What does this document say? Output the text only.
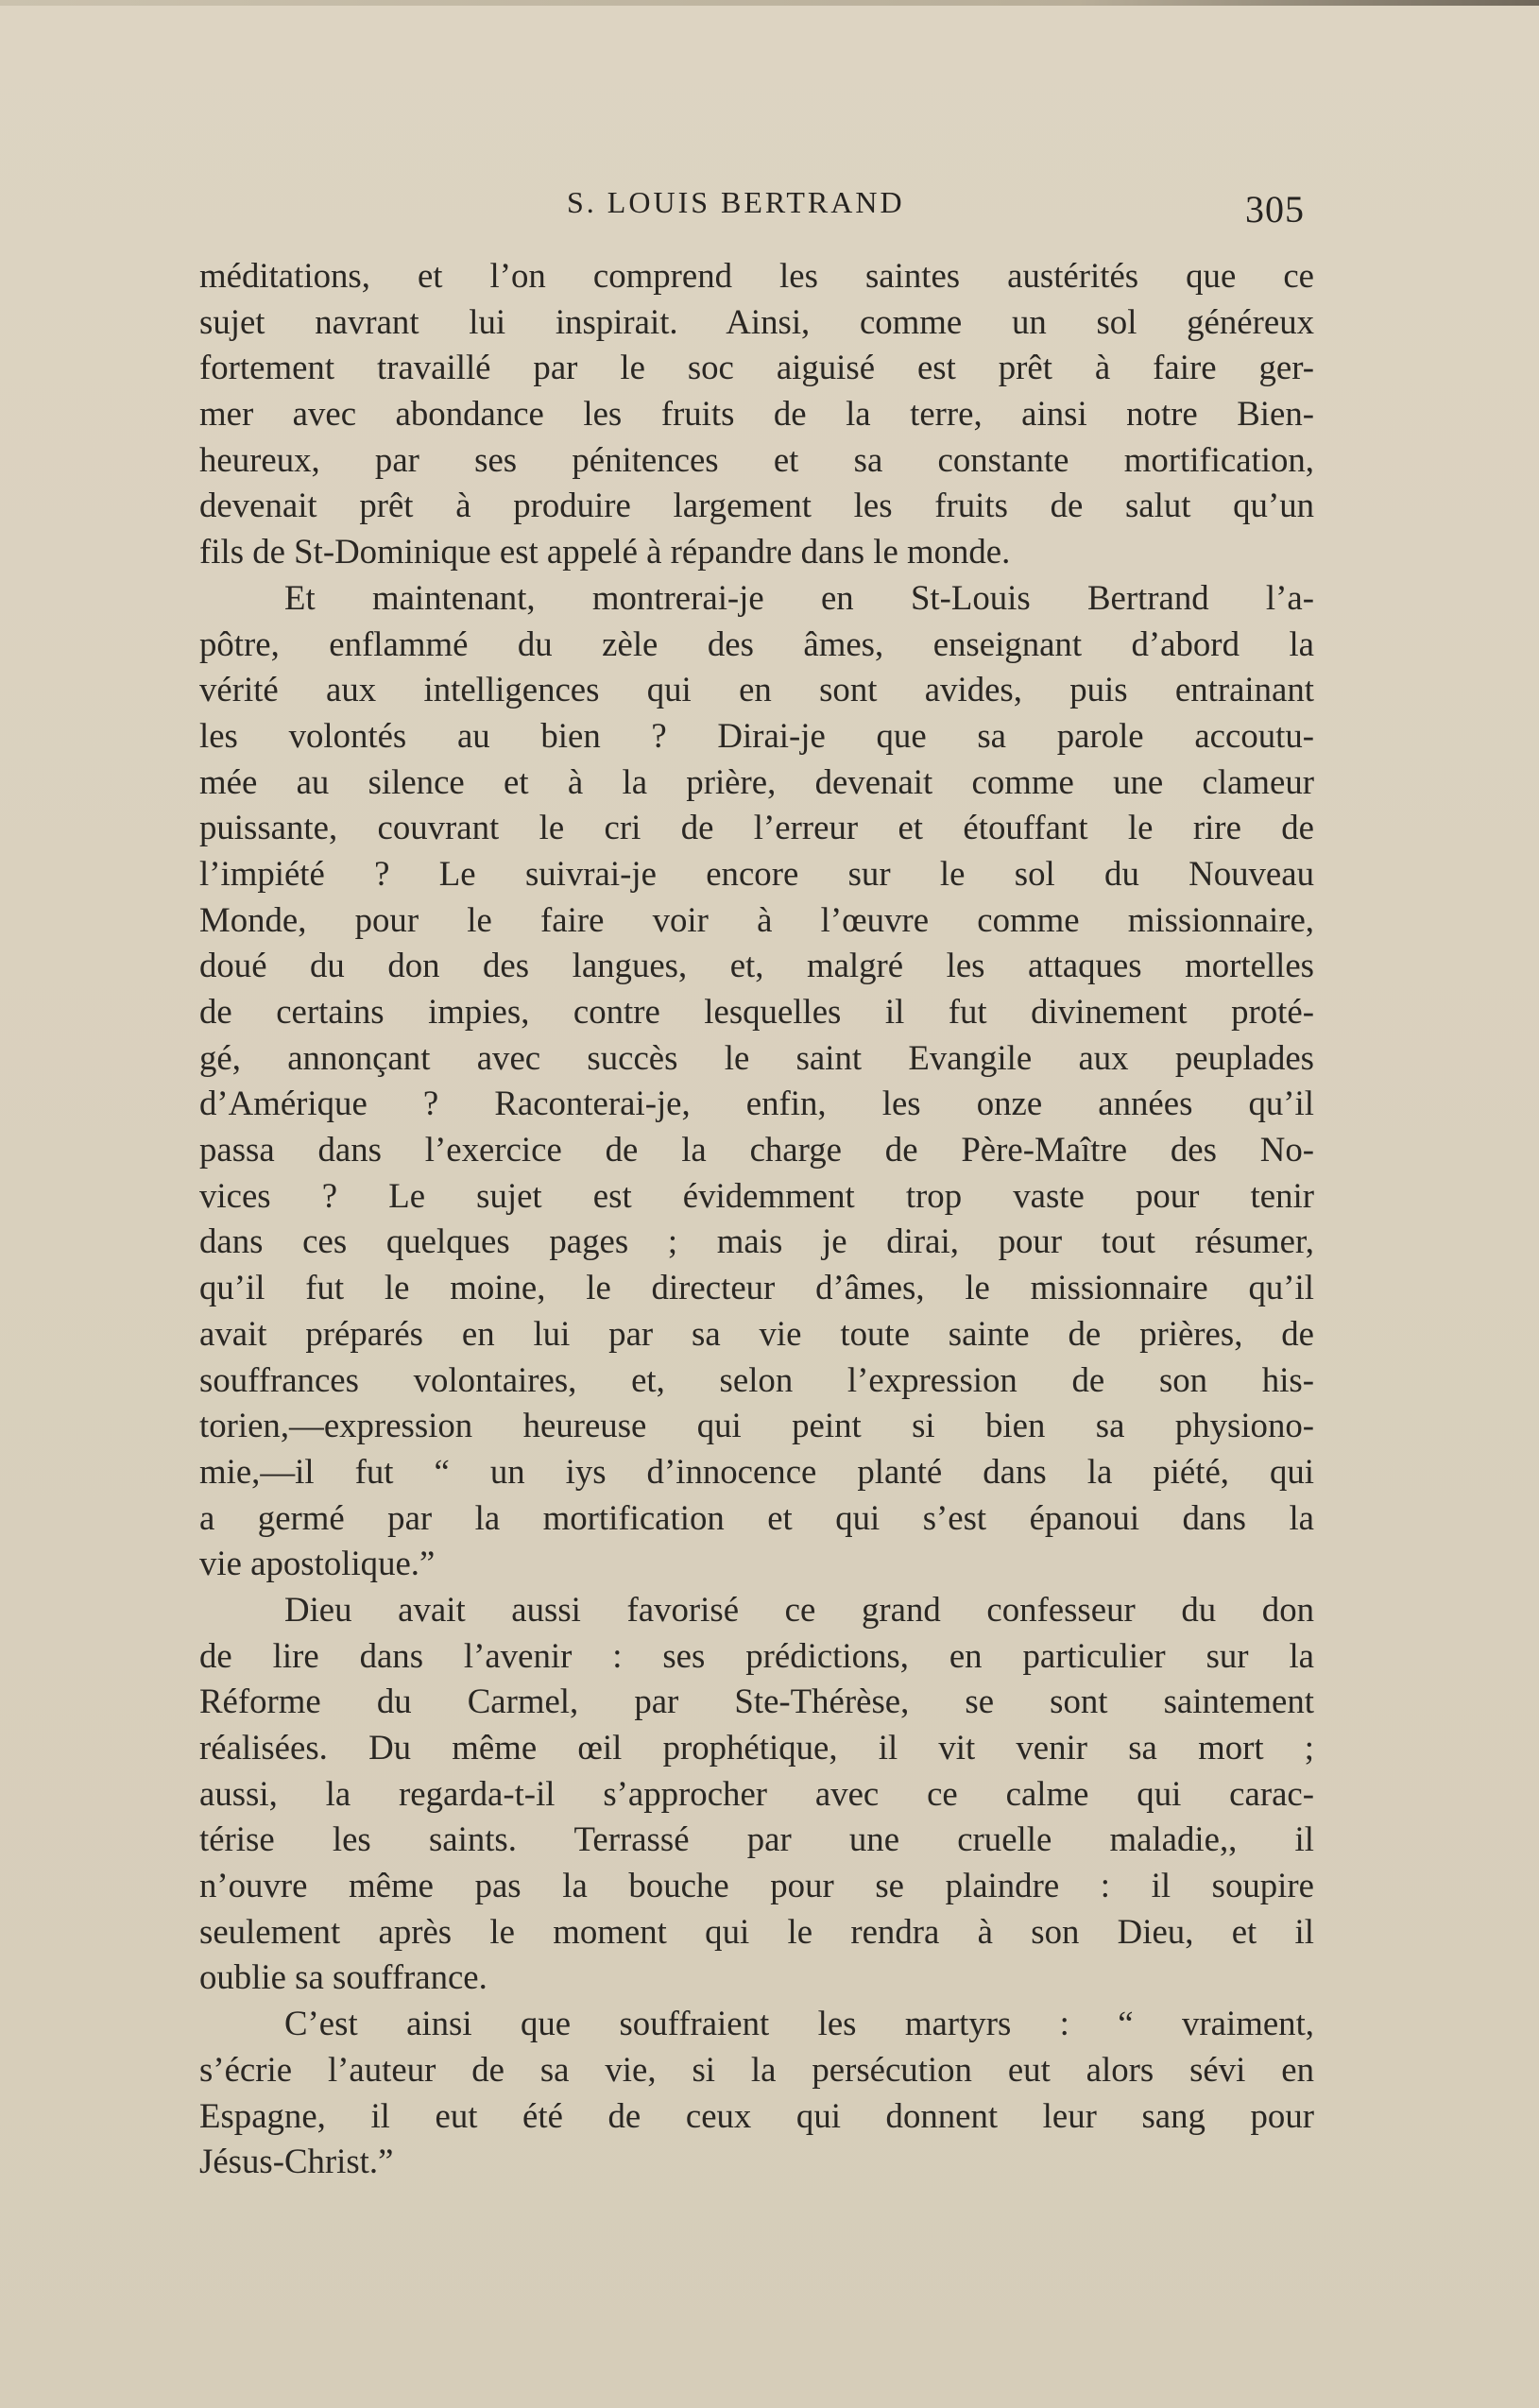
S. LOUIS BERTRAND	305
méditations, et l’on comprend les saintes austérités que ce
sujet navrant lui inspirait. Ainsi, comme un sol généreux
fortement travaillé par le soc aiguisé est prêt à faire ger-
mer avec abondance les fruits de la terre, ainsi notre Bien-
heureux, par ses pénitences et sa constante mortification,
devenait prêt à produire largement les fruits de salut qu’un
fils de St-Dominique est appelé à répandre dans le monde.
Et maintenant, montrerai-je en St-Louis Bertrand l’a-
pôtre, enflammé du zèle des âmes, enseignant d’abord la
vérité aux intelligences qui en sont avides, puis entrainant
les volontés au bien ? Dirai-je que sa parole accoutu-
mée au silence et à la prière, devenait comme une clameur
puissante, couvrant le cri de l’erreur et étouffant le rire de
l’impiété ? Le suivrai-je encore sur le sol du Nouveau
Monde, pour le faire voir à l’œuvre comme missionnaire,
doué du don des langues, et, malgré les attaques mortelles
de certains impies, contre lesquelles il fut divinement proté-
gé, annonçant avec succès le saint Evangile aux peuplades
d’Amérique ? Raconterai-je, enfin, les onze années qu’il
passa dans l’exercice de la charge de Père-Maître des No-
vices ? Le sujet est évidemment trop vaste pour tenir
dans ces quelques pages ; mais je dirai, pour tout résumer,
qu’il fut le moine, le directeur d’âmes, le missionnaire qu’il
avait préparés en lui par sa vie toute sainte de prières, de
souffrances volontaires, et, selon l’expression de son his-
torien,—expression heureuse qui peint si bien sa physiono-
mie,—il fut “ un iys d’innocence planté dans la piété, qui
a germé par la mortification et qui s’est épanoui dans la
vie apostolique.”
Dieu avait aussi favorisé ce grand confesseur du don
de lire dans l’avenir : ses prédictions, en particulier sur la
Réforme du Carmel, par Ste-Thérèse, se sont saintement
réalisées. Du même œil prophétique, il vit venir sa mort ;
aussi, la regarda-t-il s’approcher avec ce calme qui carac-
térise les saints. Terrassé par une cruelle maladie,, il
n’ouvre même pas la bouche pour se plaindre : il soupire
seulement après le moment qui le rendra à son Dieu, et il
oublie sa souffrance.
C’est ainsi que souffraient les martyrs : “ vraiment,
s’écrie l’auteur de sa vie, si la persécution eut alors sévi en
Espagne, il eut été de ceux qui donnent leur sang pour
Jésus-Christ.”
